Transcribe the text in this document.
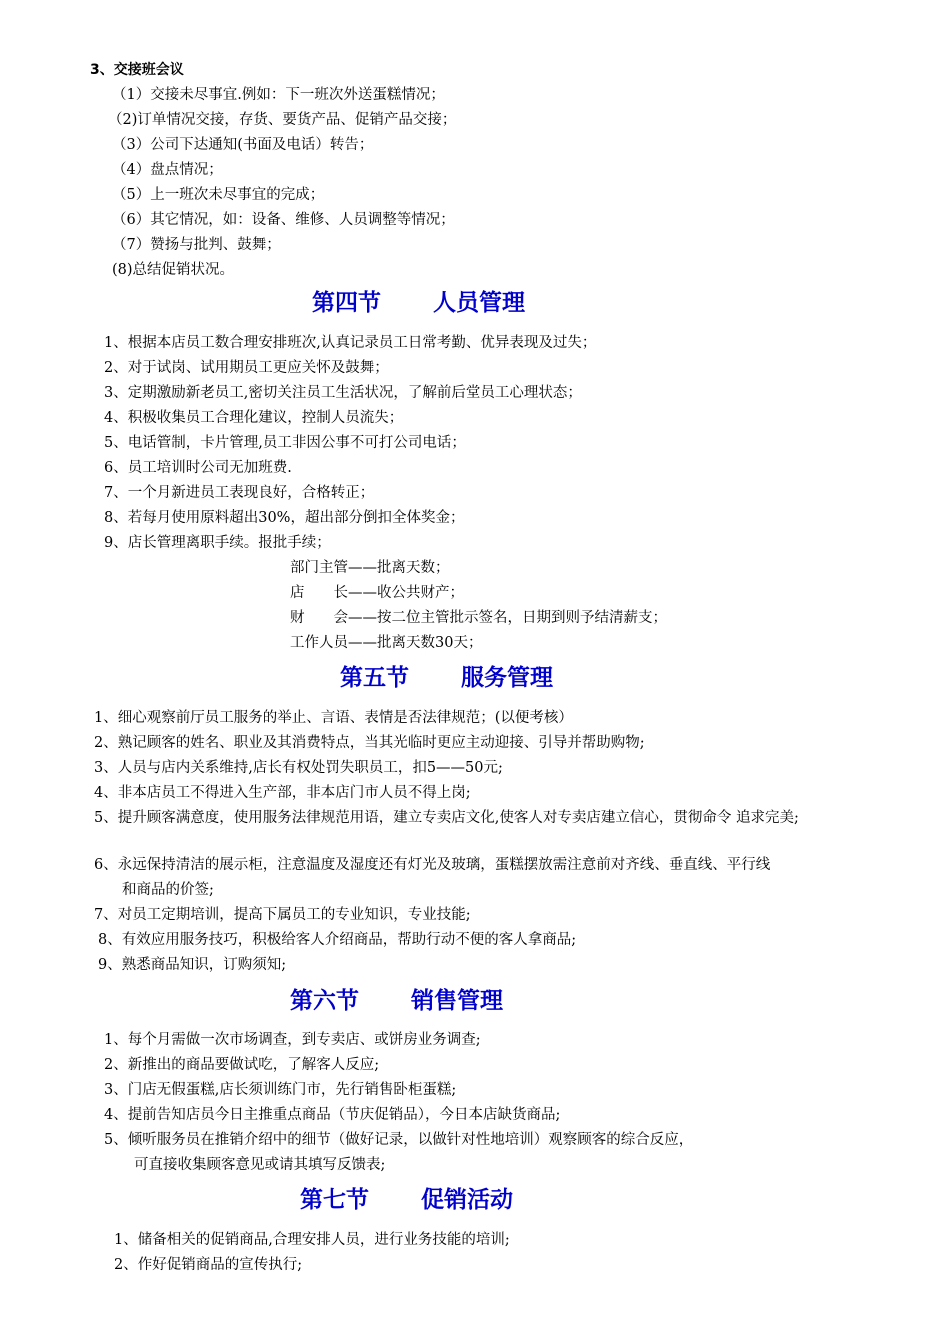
3、交接班会议
（1）交接未尽事宜.例如：下一班次外送蛋糕情况；
（2)订单情况交接，存货、要货产品、促销产品交接；
（3）公司下达通知(书面及电话）转告；
（4）盘点情况；
（5）上一班次未尽事宜的完成；
（6）其它情况，如：设备、维修、人员调整等情况；
（7）赞扬与批判、鼓舞；
(8)总结促销状况。
第四节 人员管理
1、根据本店员工数合理安排班次,认真记录员工日常考勤、优异表现及过失；
2、对于试岗、试用期员工更应关怀及鼓舞；
3、定期激励新老员工,密切关注员工生活状况，了解前后堂员工心理状态；
4、积极收集员工合理化建议，控制人员流失；
5、电话管制，卡片管理,员工非因公事不可打公司电话；
6、员工培训时公司无加班费.
7、一个月新进员工表现良好，合格转正；
8、若每月使用原料超出30%，超出部分倒扣全体奖金；
9、店长管理离职手续。报批手续；
部门主管——批离天数；
店　　长——收公共财产；
财　　会——按二位主管批示签名，日期到则予结清薪支；
工作人员——批离天数30天；
第五节 服务管理
1、细心观察前厅员工服务的举止、言语、表情是否法律规范；(以便考核）
2、熟记顾客的姓名、职业及其消费特点，当其光临时更应主动迎接、引导并帮助购物;
3、人员与店内关系维持,店长有权处罚失职员工，扣5——50元;
4、非本店员工不得进入生产部，非本店门市人员不得上岗;
5、提升顾客满意度，使用服务法律规范用语，建立专卖店文化,使客人对专卖店建立信心，贯彻命令 追求完美;
6、永远保持清洁的展示柜，注意温度及湿度还有灯光及玻璃，蛋糕摆放需注意前对齐线、垂直线、平行线
和商品的价签;
7、对员工定期培训，提高下属员工的专业知识，专业技能;
8、有效应用服务技巧，积极给客人介绍商品，帮助行动不便的客人拿商品;
9、熟悉商品知识，订购须知;
第六节 销售管理
1、每个月需做一次市场调查，到专卖店、或饼房业务调查;
2、新推出的商品要做试吃，了解客人反应;
3、门店无假蛋糕,店长须训练门市，先行销售卧柜蛋糕;
4、提前告知店员今日主推重点商品（节庆促销品），今日本店缺货商品;
5、倾听服务员在推销介绍中的细节（做好记录，以做针对性地培训）观察顾客的综合反应，
可直接收集顾客意见或请其填写反馈表;
第七节 促销活动
1、储备相关的促销商品,合理安排人员，进行业务技能的培训;
2、作好促销商品的宣传执行;
